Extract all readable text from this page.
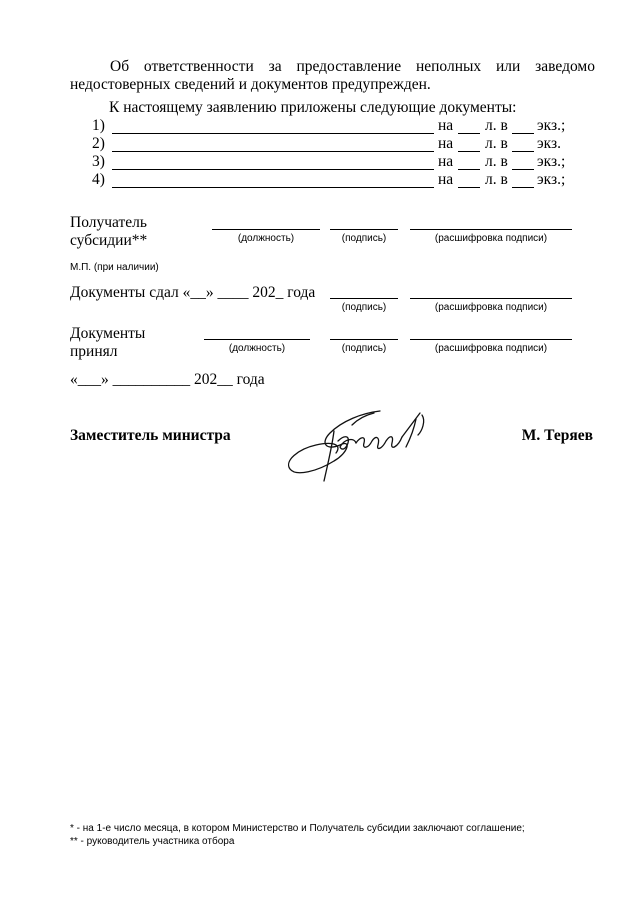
Об ответственности за предоставление неполных или заведомо
недостоверных сведений и документов предупрежден.
К настоящему заявлению приложены следующие документы:
1)	на л. в экз.;
2)	на л. в экз.
3)	на л. в экз.;
4)	на л. в экз.;
Получатель
субсидии**	(должность)	(подпись)	(расшифровка подписи)
М.П. (при наличии)
Документы сдал «__» ____ 202_ года
(подпись)	(расшифровка подписи)
Документы
принял	(должность)	(подпись)	(расшифровка подписи)
«___» __________ 202__ года
Заместитель министра	М. Теряев
* - на 1-е число месяца, в котором Министерство и Получатель субсидии заключают соглашение;
** - руководитель участника отбора
